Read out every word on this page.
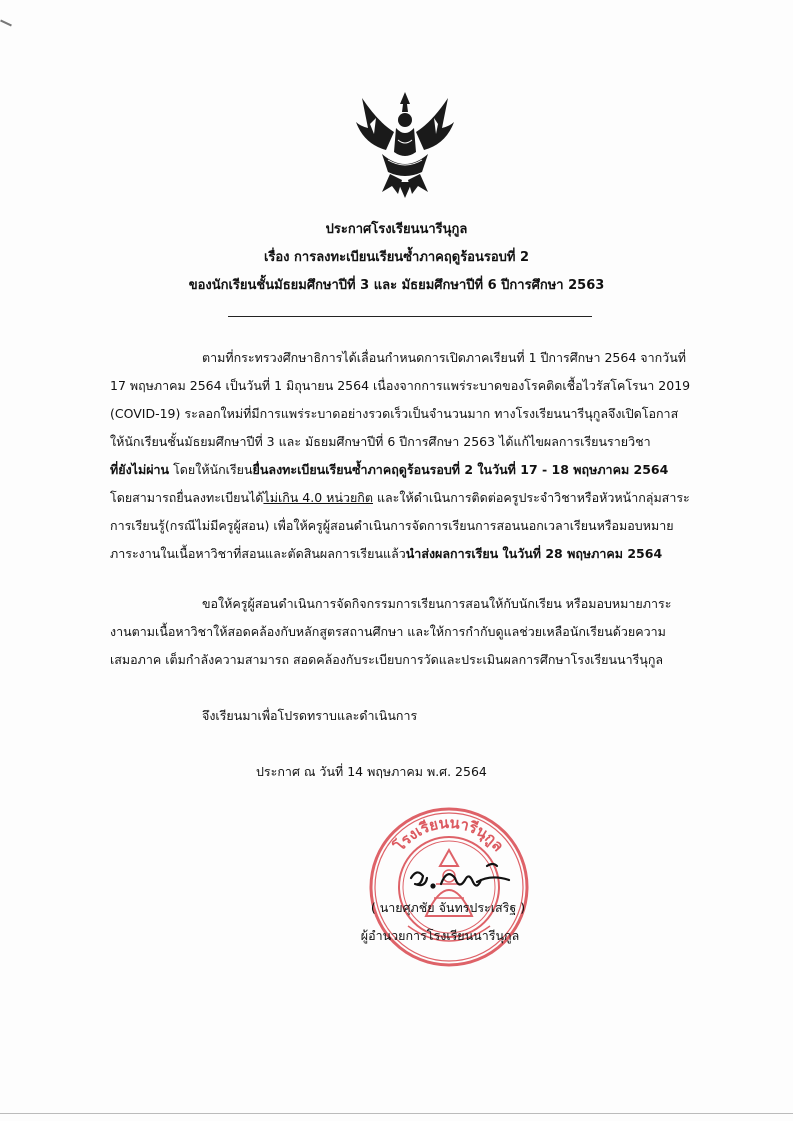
ประกาศโรงเรียนนารีนุกูล
เรื่อง การลงทะเบียนเรียนซ้ำภาคฤดูร้อนรอบที่ 2
ของนักเรียนชั้นมัธยมศึกษาปีที่ 3 และ มัธยมศึกษาปีที่ 6 ปีการศึกษา 2563
ตามที่กระทรวงศึกษาธิการได้เลื่อนกำหนดการเปิดภาคเรียนที่ 1 ปีการศึกษา 2564 จากวันที่
17 พฤษภาคม 2564 เป็นวันที่ 1 มิถุนายน 2564 เนื่องจากการแพร่ระบาดของโรคติดเชื้อไวรัสโคโรนา 2019
(COVID-19) ระลอกใหม่ที่มีการแพร่ระบาดอย่างรวดเร็วเป็นจำนวนมาก ทางโรงเรียนนารีนุกูลจึงเปิดโอกาส
ให้นักเรียนชั้นมัธยมศึกษาปีที่ 3 และ มัธยมศึกษาปีที่ 6 ปีการศึกษา 2563 ได้แก้ไขผลการเรียนรายวิชา
ที่ยังไม่ผ่าน โดยให้นักเรียนยื่นลงทะเบียนเรียนซ้ำภาคฤดูร้อนรอบที่ 2 ในวันที่ 17 - 18 พฤษภาคม 2564
โดยสามารถยื่นลงทะเบียนได้ไม่เกิน 4.0 หน่วยกิต และให้ดำเนินการติดต่อครูประจำวิชาหรือหัวหน้ากลุ่มสาระ
การเรียนรู้(กรณีไม่มีครูผู้สอน) เพื่อให้ครูผู้สอนดำเนินการจัดการเรียนการสอนนอกเวลาเรียนหรือมอบหมาย
ภาระงานในเนื้อหาวิชาที่สอนและตัดสินผลการเรียนแล้วนำส่งผลการเรียน ในวันที่ 28 พฤษภาคม 2564
ขอให้ครูผู้สอนดำเนินการจัดกิจกรรมการเรียนการสอนให้กับนักเรียน หรือมอบหมายภาระ
งานตามเนื้อหาวิชาให้สอดคล้องกับหลักสูตรสถานศึกษา และให้การกำกับดูแลช่วยเหลือนักเรียนด้วยความ
เสมอภาค เต็มกำลังความสามารถ สอดคล้องกับระเบียบการวัดและประเมินผลการศึกษาโรงเรียนนารีนุกูล
จึงเรียนมาเพื่อโปรดทราบและดำเนินการ
ประกาศ ณ วันที่ 14 พฤษภาคม พ.ศ. 2564
โรงเรียนนารีนุกูล
( นายศุภชัย จันทรประเสริฐ )
ผู้อำนวยการโรงเรียนนารีนุกูล
